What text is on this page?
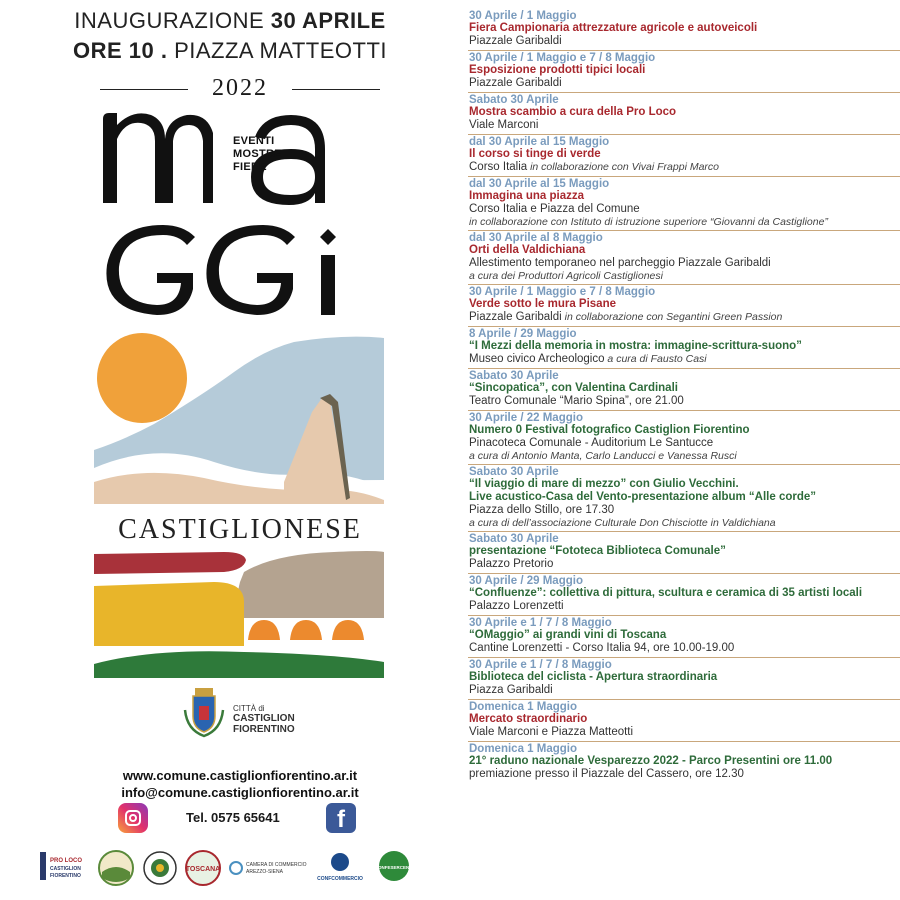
INAUGURAZIONE 30 APRILE
ORE 10 . PIAZZA MATTEOTTI
2022
EVENTI
MOSTRE
FIERE
CASTIGLIONESE
CITTÀ di
CASTIGLION
FIORENTINO
www.comune.castiglionfiorentino.ar.it
info@comune.castiglionfiorentino.ar.it
Tel. 0575 65641	f
PRO LOCO
CASTIGLION
FIORENTINO
TOSCANA
CAMERA DI COMMERCIO
AREZZO-SIENA
CONFCOMMERCIO
CONFESERCENTI
30 Aprile / 1 Maggio
Fiera Campionaria attrezzature agricole e autoveicoli
Piazzale Garibaldi
30 Aprile / 1 Maggio e 7 / 8 Maggio
Esposizione prodotti tipici locali
Piazzale Garibaldi
Sabato 30 Aprile
Mostra scambio a cura della Pro Loco
Viale Marconi
dal 30 Aprile al 15 Maggio
Il corso si tinge di verde
Corso Italia in collaborazione con Vivai Frappi Marco
dal 30 Aprile al 15 Maggio
Immagina una piazza
Corso Italia e Piazza del Comune
in collaborazione con Istituto di istruzione superiore “Giovanni da Castiglione”
dal 30 Aprile al 8 Maggio
Orti della Valdichiana
Allestimento temporaneo nel parcheggio Piazzale Garibaldi
a cura dei Produttori Agricoli Castiglionesi
30 Aprile / 1 Maggio e 7 / 8 Maggio
Verde sotto le mura Pisane
Piazzale Garibaldi in collaborazione con Segantini Green Passion
8 Aprile / 29 Maggio
“I Mezzi della memoria in mostra: immagine-scrittura-suono”
Museo civico Archeologico a cura di Fausto Casi
Sabato 30 Aprile
“Sincopatica”, con Valentina Cardinali
Teatro Comunale “Mario Spina”, ore 21.00
30 Aprile / 22 Maggio
Numero 0 Festival fotografico Castiglion Fiorentino
Pinacoteca Comunale - Auditorium Le Santucce
a cura di Antonio Manta, Carlo Landucci e Vanessa Rusci
Sabato 30 Aprile
“Il viaggio di mare di mezzo” con Giulio Vecchini.
Live acustico-Casa del Vento-presentazione album “Alle corde”
Piazza dello Stillo, ore 17.30
a cura di dell’associazione Culturale Don Chisciotte in Valdichiana
Sabato 30 Aprile
presentazione “Fototeca Biblioteca Comunale”
Palazzo Pretorio
30 Aprile / 29 Maggio
“Confluenze”: collettiva di pittura, scultura e ceramica di 35 artisti locali
Palazzo Lorenzetti
30 Aprile e 1 / 7 / 8 Maggio
“OMaggio” ai grandi vini di Toscana
Cantine Lorenzetti - Corso Italia 94, ore 10.00-19.00
30 Aprile e 1 / 7 / 8 Maggio
Biblioteca del ciclista - Apertura straordinaria
Piazza Garibaldi
Domenica 1 Maggio
Mercato straordinario
Viale Marconi e Piazza Matteotti
Domenica 1 Maggio
21° raduno nazionale Vesparezzo 2022 - Parco Presentini ore 11.00
premiazione presso il Piazzale del Cassero, ore 12.30
